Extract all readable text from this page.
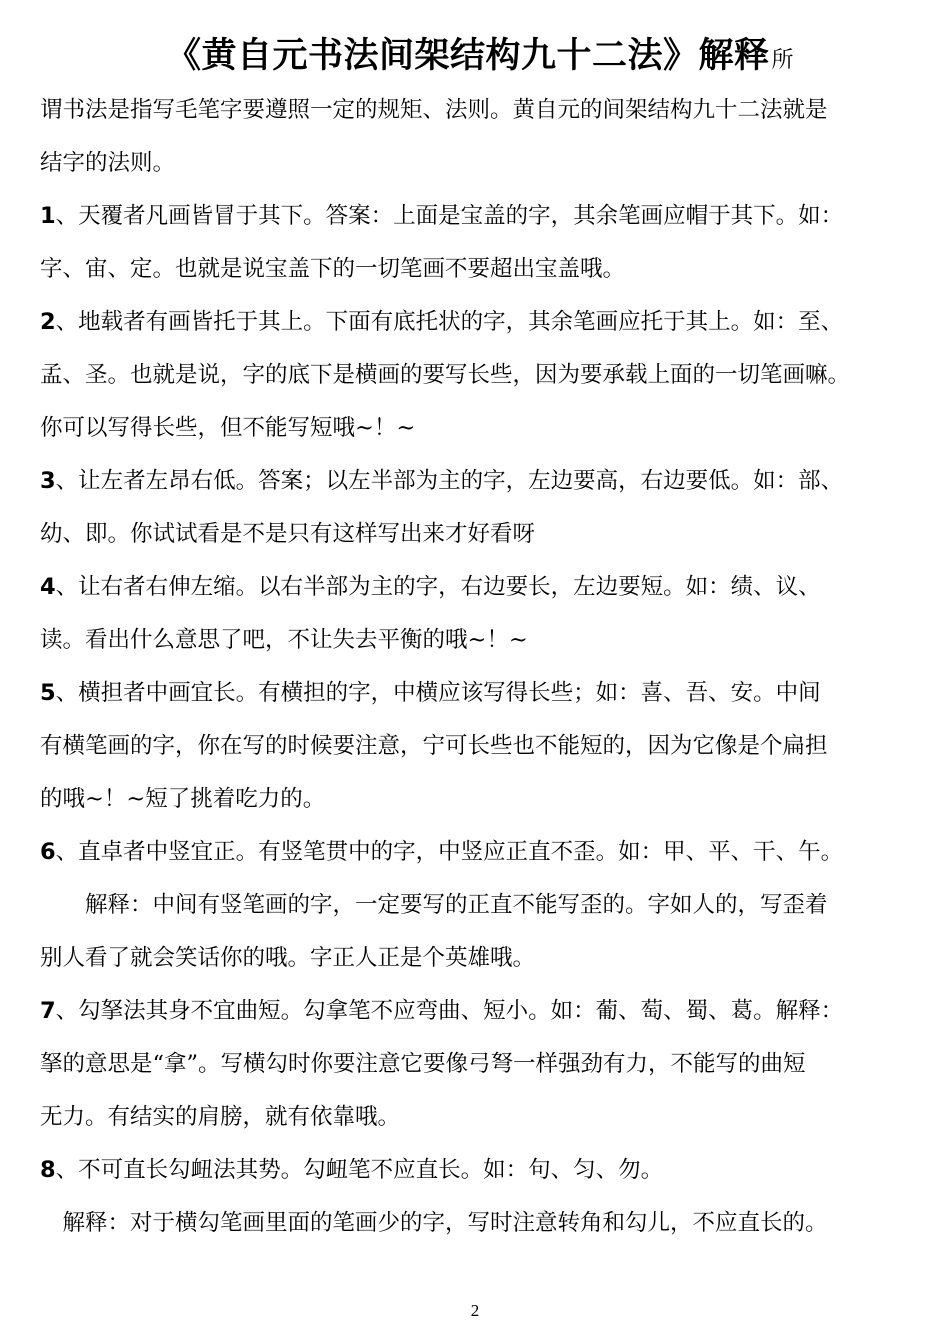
《黄自元书法间架结构九十二法》解释所
谓书法是指写毛笔字要遵照一定的规矩、法则。黄自元的间架结构九十二法就是
结字的法则。
1、天覆者凡画皆冒于其下。答案：上面是宝盖的字，其余笔画应帽于其下。如：
字、宙、定。也就是说宝盖下的一切笔画不要超出宝盖哦。
2、地载者有画皆托于其上。下面有底托状的字，其余笔画应托于其上。如：至、
孟、圣。也就是说，字的底下是横画的要写长些，因为要承载上面的一切笔画嘛。
你可以写得长些，但不能写短哦~！~
3、让左者左昂右低。答案；以左半部为主的字，左边要高，右边要低。如：部、
幼、即。你试试看是不是只有这样写出来才好看呀
4、让右者右伸左缩。以右半部为主的字，右边要长，左边要短。如：绩、议、
读。看出什么意思了吧，不让失去平衡的哦~！~
5、横担者中画宜长。有横担的字，中横应该写得长些；如：喜、吾、安。中间
有横笔画的字，你在写的时候要注意，宁可长些也不能短的，因为它像是个扁担
的哦~！~短了挑着吃力的。
6、直卓者中竖宜正。有竖笔贯中的字，中竖应正直不歪。如：甲、平、干、午。
　　解释：中间有竖笔画的字，一定要写的正直不能写歪的。字如人的，写歪着
别人看了就会笑话你的哦。字正人正是个英雄哦。
7、勾拏法其身不宜曲短。勾拿笔不应弯曲、短小。如：葡、萄、蜀、葛。解释：
拏的意思是“拿”。写横勾时你要注意它要像弓弩一样强劲有力，不能写的曲短
无力。有结实的肩膀，就有依靠哦。
8、不可直长勾衄法其势。勾衄笔不应直长。如：句、匀、勿。
　解释：对于横勾笔画里面的笔画少的字，写时注意转角和勾儿，不应直长的。
2
